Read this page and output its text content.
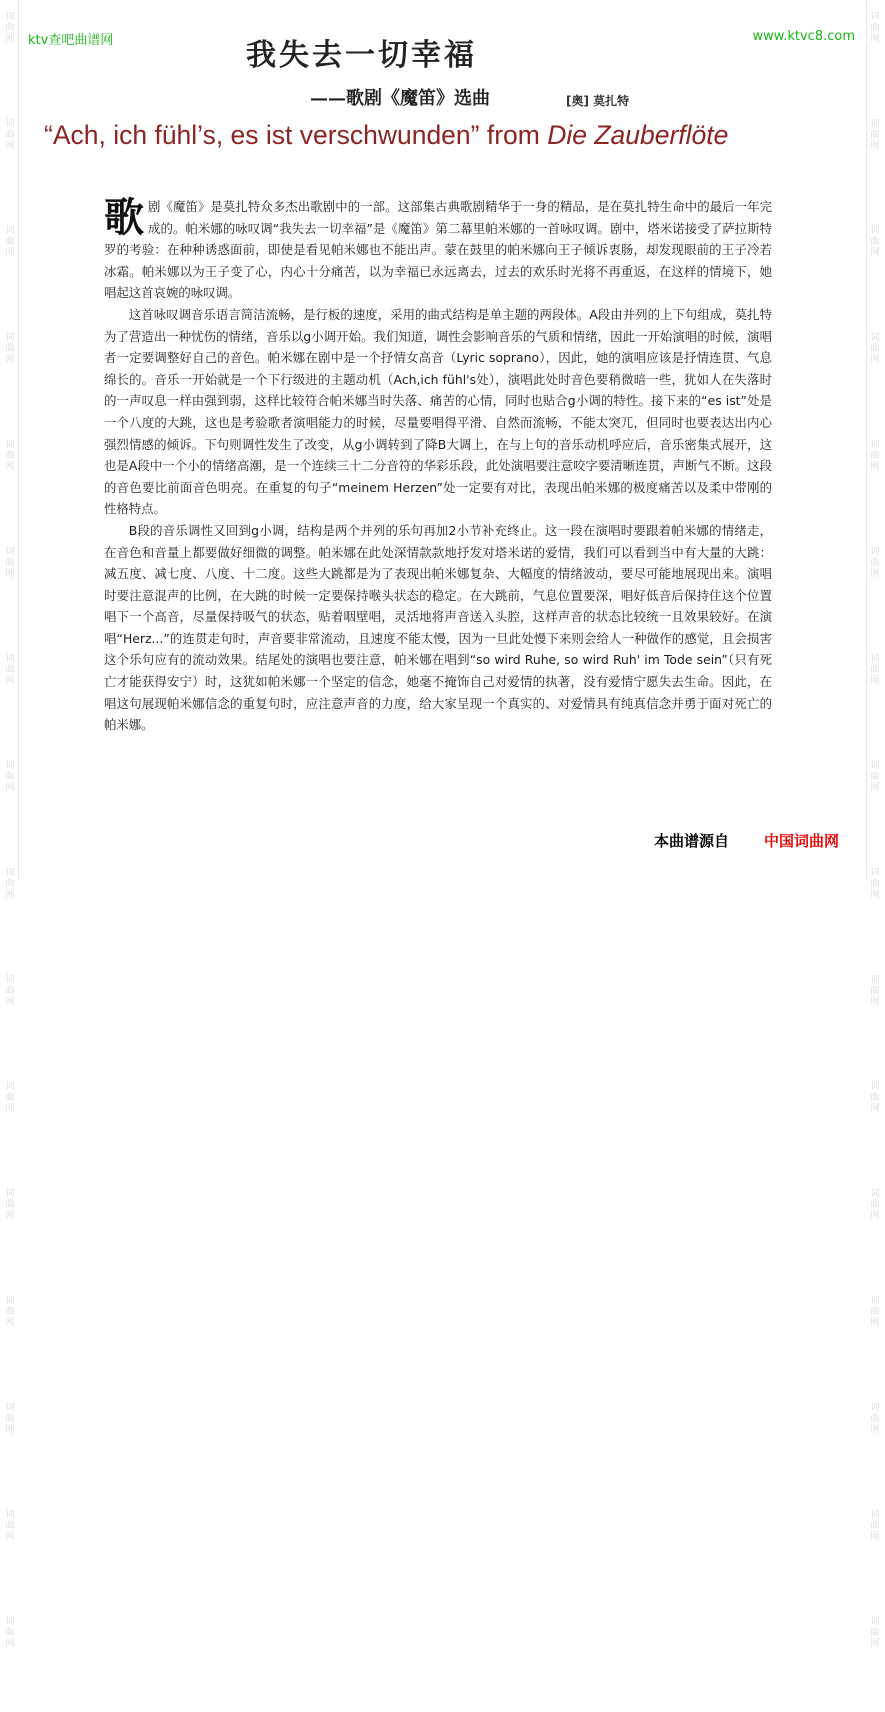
词
曲
网
词
曲
网
词
曲
网
词
曲
网
词
曲
网
词
曲
网
词
曲
网
词
曲
网
词
曲
网
词
曲
网
词
曲
网
词
曲
网
词
曲
网
词
曲
网
词
曲
网
词
曲
网
词
曲
网
词
曲
网
词
曲
网
词
曲
网
词
曲
网
词
曲
网
词
曲
网
词
曲
网
词
曲
网
词
曲
网
词
曲
网
词
曲
网
词
曲
网
词
曲
网
词
曲
网
词
曲
网
ktv查吧曲谱网	www.ktvc8.com
我失去一切幸福
——歌剧《魔笛》选曲	[奥] 莫扎特
“Ach, ich fühl’s, es ist verschwunden” from Die Zauberflöte

歌剧《魔笛》是莫扎特众多杰出歌剧中的一部。这部集古典歌剧精华于一身的精品，是在莫扎特生命中的最后一年完成的。帕米娜的咏叹调“我失去一切幸福”是《魔笛》第二幕里帕米娜的一首咏叹调。剧中，塔米诺接受了萨拉斯特罗的考验：在种种诱惑面前，即使是看见帕米娜也不能出声。蒙在鼓里的帕米娜向王子倾诉衷肠，却发现眼前的王子冷若冰霜。帕米娜以为王子变了心，内心十分痛苦，以为幸福已永远离去，过去的欢乐时光将不再重返，在这样的情境下，她唱起这首哀婉的咏叹调。

这首咏叹调音乐语言简洁流畅，是行板的速度，采用的曲式结构是单主题的两段体。A段由并列的上下句组成，莫扎特为了营造出一种忧伤的情绪，音乐以g小调开始。我们知道，调性会影响音乐的气质和情绪，因此一开始演唱的时候，演唱者一定要调整好自己的音色。帕米娜在剧中是一个抒情女高音（Lyric soprano），因此，她的演唱应该是抒情连贯、气息绵长的。音乐一开始就是一个下行级进的主题动机（Ach,ich fühl's处），演唱此处时音色要稍微暗一些，犹如人在失落时的一声叹息一样由强到弱，这样比较符合帕米娜当时失落、痛苦的心情，同时也贴合g小调的特性。接下来的“es ist”处是一个八度的大跳，这也是考验歌者演唱能力的时候，尽量要唱得平滑、自然而流畅，不能太突兀，但同时也要表达出内心强烈情感的倾诉。下句则调性发生了改变，从g小调转到了降B大调上，在与上句的音乐动机呼应后，音乐密集式展开，这也是A段中一个小的情绪高潮，是一个连续三十二分音符的华彩乐段，此处演唱要注意咬字要清晰连贯，声断气不断。这段的音色要比前面音色明亮。在重复的句子“meinem Herzen”处一定要有对比，表现出帕米娜的极度痛苦以及柔中带刚的性格特点。

B段的音乐调性又回到g小调，结构是两个并列的乐句再加2小节补充终止。这一段在演唱时要跟着帕米娜的情绪走，在音色和音量上都要做好细微的调整。帕米娜在此处深情款款地抒发对塔米诺的爱情，我们可以看到当中有大量的大跳：减五度、减七度、八度、十二度。这些大跳都是为了表现出帕米娜复杂、大幅度的情绪波动，要尽可能地展现出来。演唱时要注意混声的比例，在大跳的时候一定要保持喉头状态的稳定。在大跳前，气息位置要深，唱好低音后保持住这个位置唱下一个高音，尽量保持吸气的状态，贴着咽壁唱，灵活地将声音送入头腔，这样声音的状态比较统一且效果较好。在演唱“Herz...”的连贯走句时，声音要非常流动，且速度不能太慢，因为一旦此处慢下来则会给人一种做作的感觉，且会损害这个乐句应有的流动效果。结尾处的演唱也要注意，帕米娜在唱到“so wird Ruhe, so wird Ruh' im Tode sein”（只有死亡才能获得安宁）时，这犹如帕米娜一个坚定的信念，她毫不掩饰自己对爱情的执著，没有爱情宁愿失去生命。因此，在唱这句展现帕米娜信念的重复句时，应注意声音的力度，给大家呈现一个真实的、对爱情具有纯真信念并勇于面对死亡的帕米娜。

本曲谱源自 中国词曲网
